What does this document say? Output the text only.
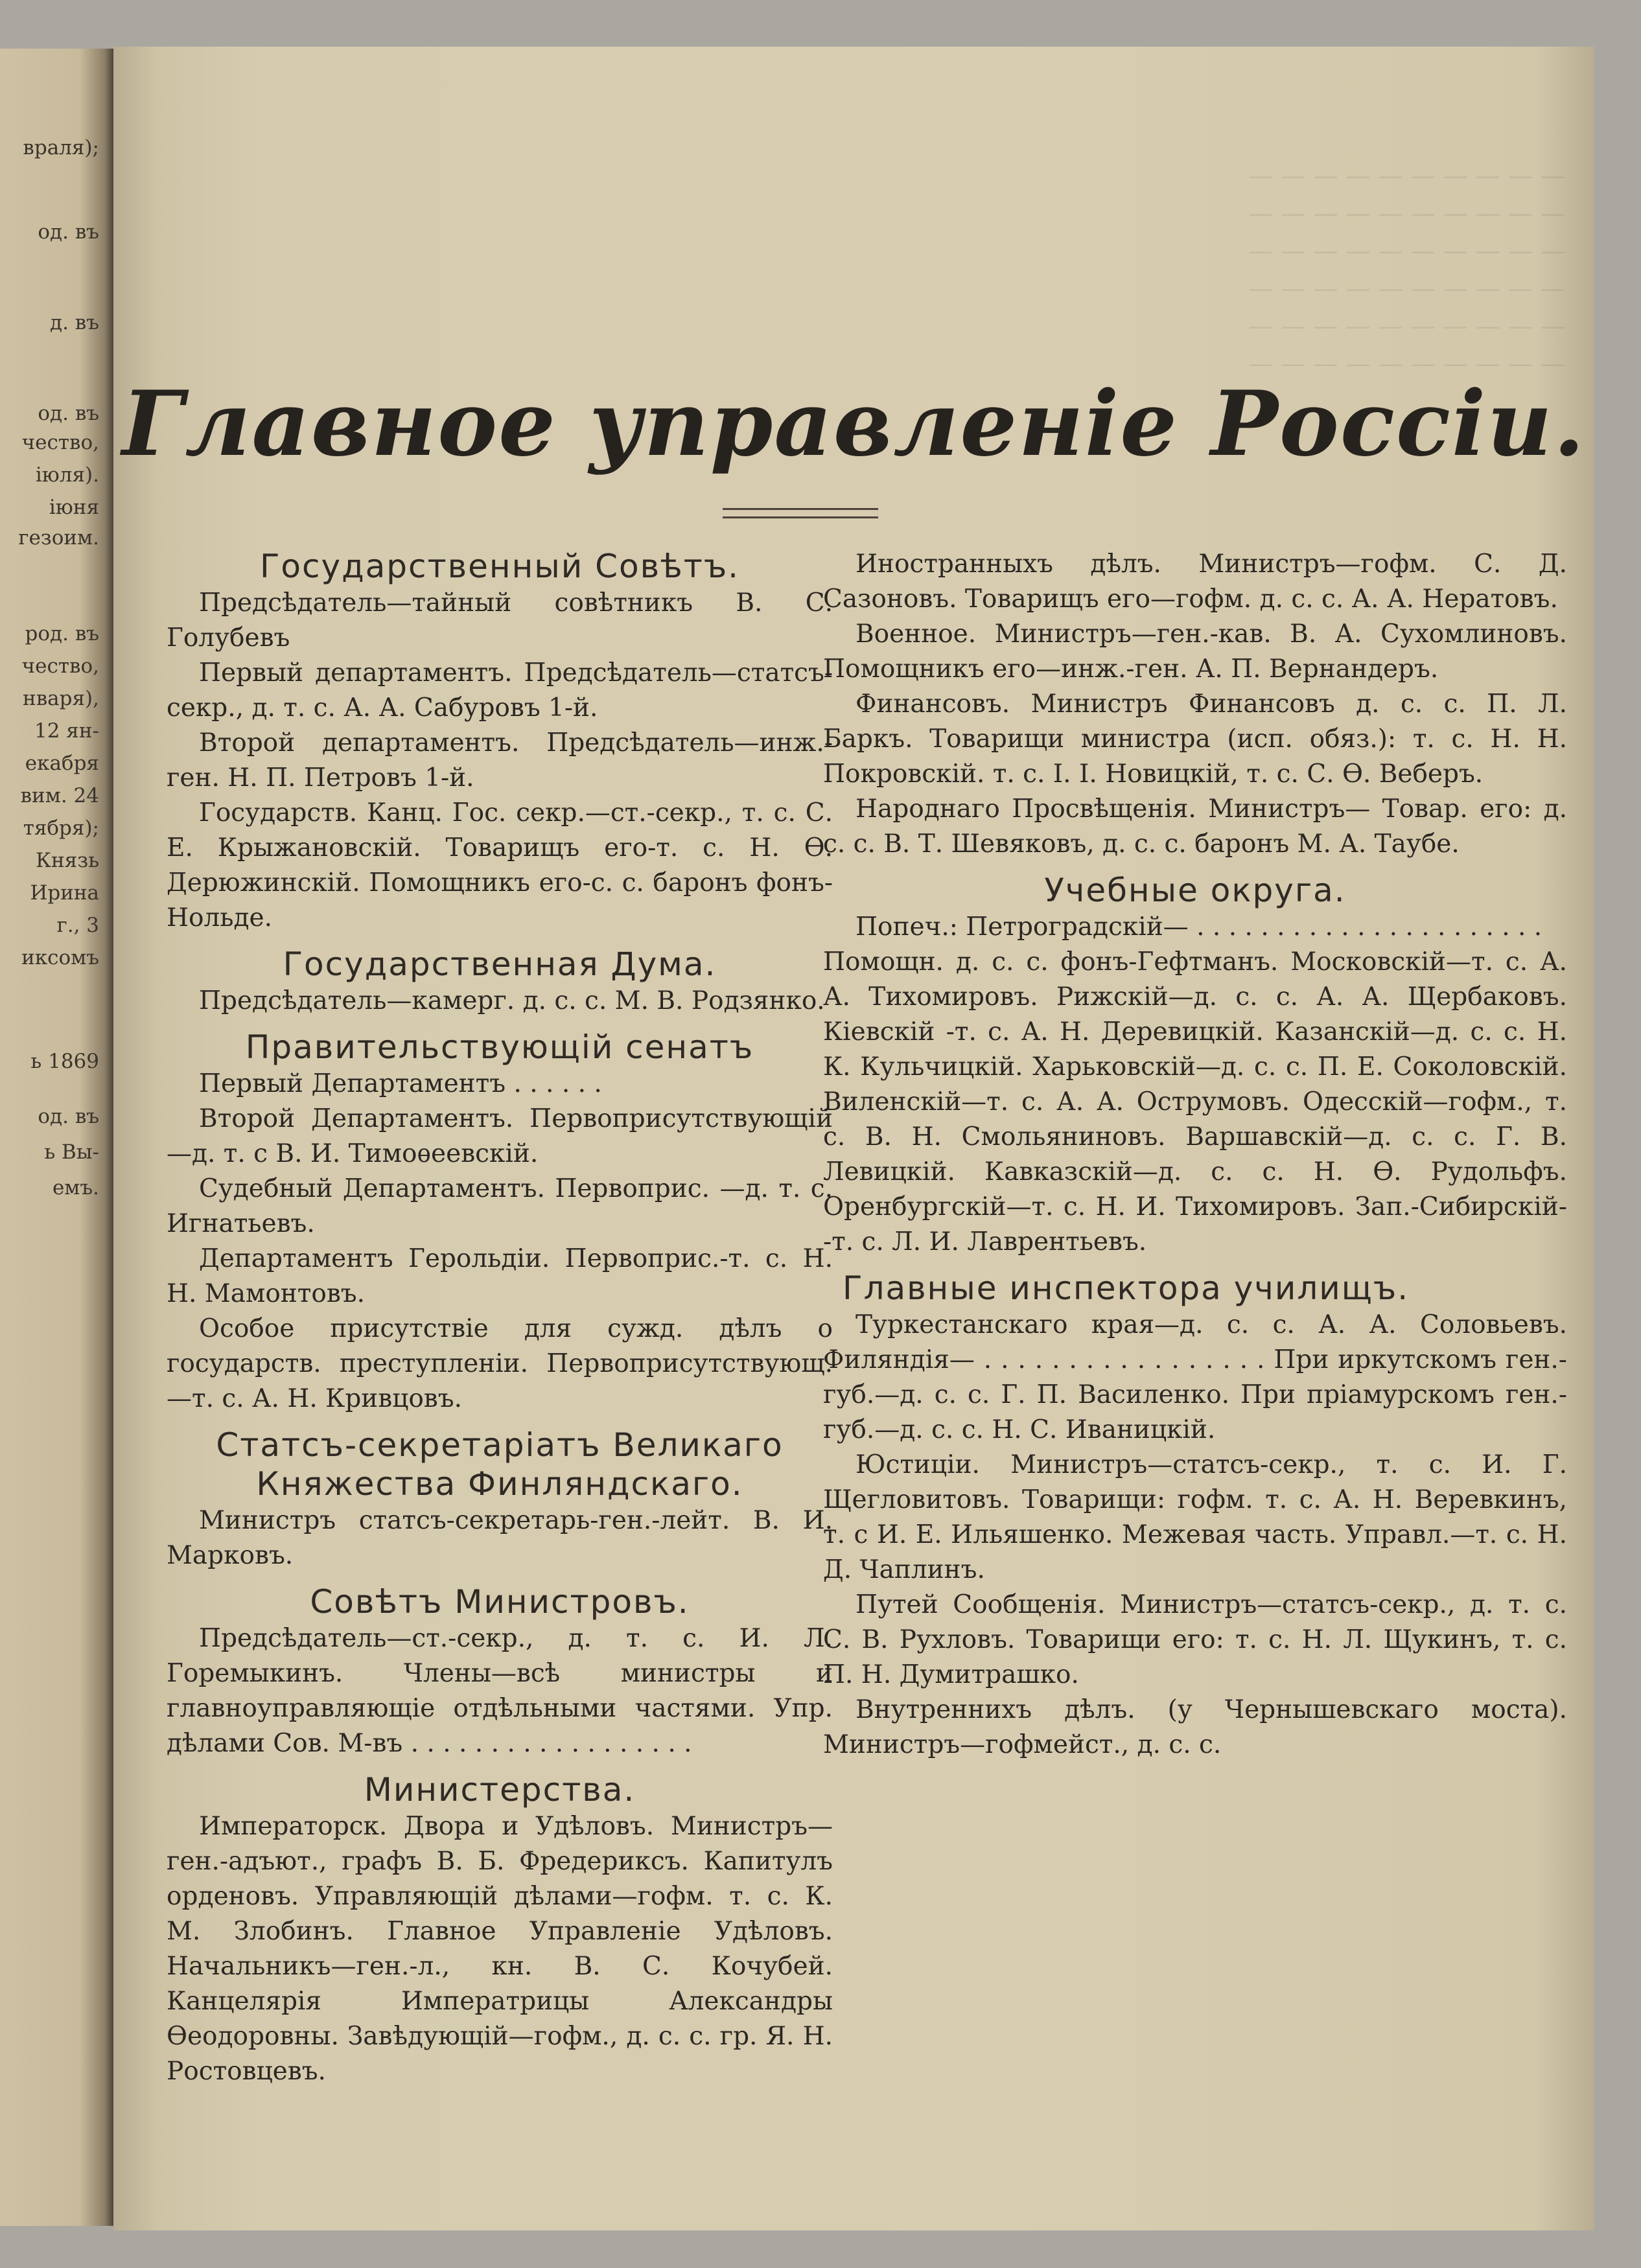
враля);
од. въ
д. въ
од. въ
чество,
іюля).
іюня
гезоим.
род. въ
чество,
нваря),
12 ян-
екабря
вим. 24
тября);
Князь
Ирина
г., 3
иксомъ
ь 1869
од. въ
ь Вы-
емъ.
— — — — — — — — — —
— — — — — — — — — —
— — — — — — — — — —
— — — — — — — — — —
— — — — — — — — — —
— — — — — — — — — —
Главное управленіе Россіи.
Государственный Совѣтъ.

Предсѣдатель—тайный совѣтникъ В. С. Голубевъ

Первый департаментъ. Предсѣдатель—статсъ-секр., д. т. с. А. А. Сабуровъ 1-й.

Второй департаментъ. Предсѣдатель—инж.-ген. Н. П. Петровъ 1-й.

Государств. Канц. Гос. секр.—ст.-секр., т. с. С. Е. Крыжановскій. Товарищъ его-т. с. Н. Ѳ. Дерюжинскій. Помощникъ его-с. с. баронъ фонъ-Нольде.

Государственная Дума.

Предсѣдатель—камерг. д. с. с. М. В. Родзянко.

Правительствующій сенатъ

Первый Департаментъ . . . . . .

Второй Департаментъ. Первоприсутствующій—д. т. с В. И. Тимоѳеевскій.

Судебный Департаментъ. Первоприс. —д. т. с. Игнатьевъ.

Департаментъ Герольдіи. Первоприс.-т. с. Н. Н. Мамонтовъ.

Особое присутствіе для сужд. дѣлъ о государств. преступленіи. Первоприсутствующ.—т. с. А. Н. Кривцовъ.

Статсъ-секретаріатъ Великаго Княжества Финляндскаго.

Министръ статсъ-секретарь-ген.-лейт. В. И. Марковъ.

Совѣтъ Министровъ.

Предсѣдатель—ст.-секр., д. т. с. И. Л. Горемыкинъ. Члены—всѣ министры и главноуправляющіе отдѣльными частями. Упр. дѣлами Сов. М-въ . . . . . . . . . . . . . . . . . .

Министерства.

Императорск. Двора и Удѣловъ. Министръ—ген.-адъют., графъ В. Б. Фредериксъ. Капитулъ орденовъ. Управляющій дѣлами—гофм. т. с. К. М. Злобинъ. Главное Управленіе Удѣловъ. Начальникъ—ген.-л., кн. В. С. Кочубей. Канцелярія Императрицы Александры Ѳеодоровны. Завѣдующій—гофм., д. с. с. гр. Я. Н. Ростовцевъ.

Иностранныхъ дѣлъ. Министръ—гофм. С. Д. Сазоновъ. Товарищъ его—гофм. д. с. с. А. А. Нератовъ.

Военное. Министръ—ген.-кав. В. А. Сухомлиновъ. Помощникъ его—инж.-ген. А. П. Вернандеръ.

Финансовъ. Министръ Финансовъ д. с. с. П. Л. Баркъ. Товарищи министра (исп. обяз.): т. с. Н. Н. Покровскій. т. с. І. І. Новицкій, т. с. С. Ѳ. Веберъ.

Народнаго Просвѣщенія. Министръ— Товар. его: д. с. с. В. Т. Шевяковъ, д. с. с. баронъ М. А. Таубе.

Учебные округа.

Попеч.: Петроградскій— . . . . . . . . . . . . . . . . . . . . . .

Помощн. д. с. с. фонъ-Гефтманъ. Московскій—т. с. А. А. Тихомировъ. Рижскій—д. с. с. А. А. Щербаковъ. Кіевскій -т. с. А. Н. Деревицкій. Казанскій—д. с. с. Н. К. Кульчицкій. Харьковскій—д. с. с. П. Е. Соколовскій. Виленскій—т. с. А. А. Острумовъ. Одесскій—гофм., т. с. В. Н. Смольяниновъ. Варшавскій—д. с. с. Г. В. Левицкій. Кавказскій—д. с. с. Н. Ѳ. Рудольфъ. Оренбургскій—т. с. Н. И. Тихомировъ. Зап.-Сибирскій- -т. с. Л. И. Лаврентьевъ.

Главные инспектора училищъ.

Туркестанскаго края—д. с. с. А. А. Соловьевъ. Филяндія— . . . . . . . . . . . . . . . . . При иркутскомъ ген.-губ.—д. с. с. Г. П. Василенко. При пріамурскомъ ген.-губ.—д. с. с. Н. С. Иваницкій.

Юстиціи. Министръ—статсъ-секр., т. с. И. Г. Щегловитовъ. Товарищи: гофм. т. с. А. Н. Веревкинъ, т. с И. Е. Ильяшенко. Межевая часть. Управл.—т. с. Н. Д. Чаплинъ.

Путей Сообщенія. Министръ—статсъ-секр., д. т. с. С. В. Рухловъ. Товарищи его: т. с. Н. Л. Щукинъ, т. с. П. Н. Думитрашко.

Внутреннихъ дѣлъ. (у Чернышевскаго моста). Министръ—гофмейст., д. с. с.
